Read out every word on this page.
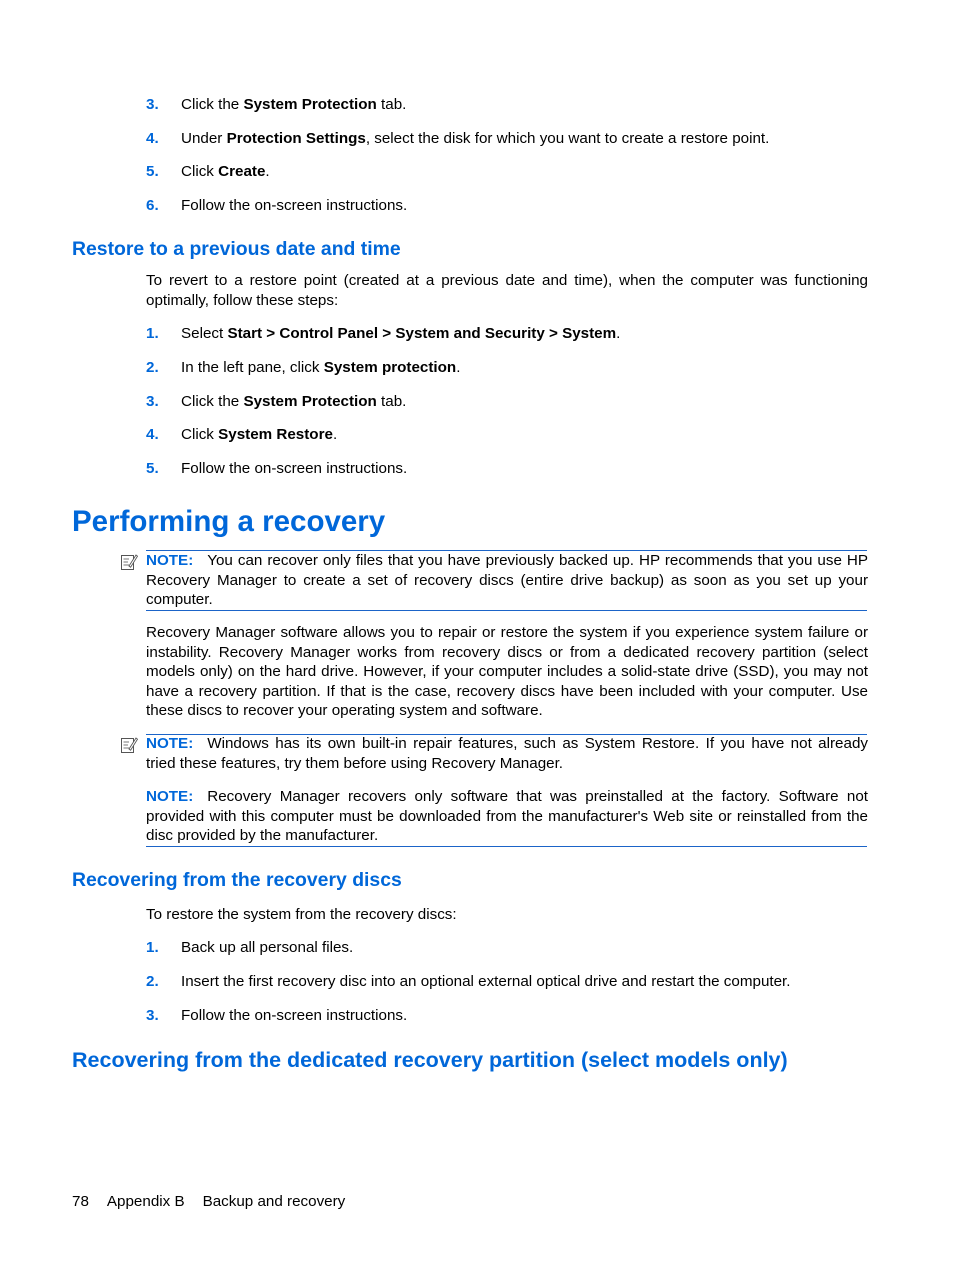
3. Click the System Protection tab.
4. Under Protection Settings, select the disk for which you want to create a restore point.
5. Click Create.
6. Follow the on-screen instructions.
Restore to a previous date and time

To revert to a restore point (created at a previous date and time), when the computer was functioning optimally, follow these steps:

1. Select Start > Control Panel > System and Security > System.
2. In the left pane, click System protection.
3. Click the System Protection tab.
4. Click System Restore.
5. Follow the on-screen instructions.
Performing a recovery

NOTE: You can recover only files that you have previously backed up. HP recommends that you use HP Recovery Manager to create a set of recovery discs (entire drive backup) as soon as you set up your computer.

Recovery Manager software allows you to repair or restore the system if you experience system failure or instability. Recovery Manager works from recovery discs or from a dedicated recovery partition (select models only) on the hard drive. However, if your computer includes a solid-state drive (SSD), you may not have a recovery partition. If that is the case, recovery discs have been included with your computer. Use these discs to recover your operating system and software.

NOTE: Windows has its own built-in repair features, such as System Restore. If you have not already tried these features, try them before using Recovery Manager.

NOTE: Recovery Manager recovers only software that was preinstalled at the factory. Software not provided with this computer must be downloaded from the manufacturer's Web site or reinstalled from the disc provided by the manufacturer.

Recovering from the recovery discs

To restore the system from the recovery discs:

1. Back up all personal files.
2. Insert the first recovery disc into an optional external optical drive and restart the computer.
3. Follow the on-screen instructions.
Recovering from the dedicated recovery partition (select models only)
78 Appendix B Backup and recovery
